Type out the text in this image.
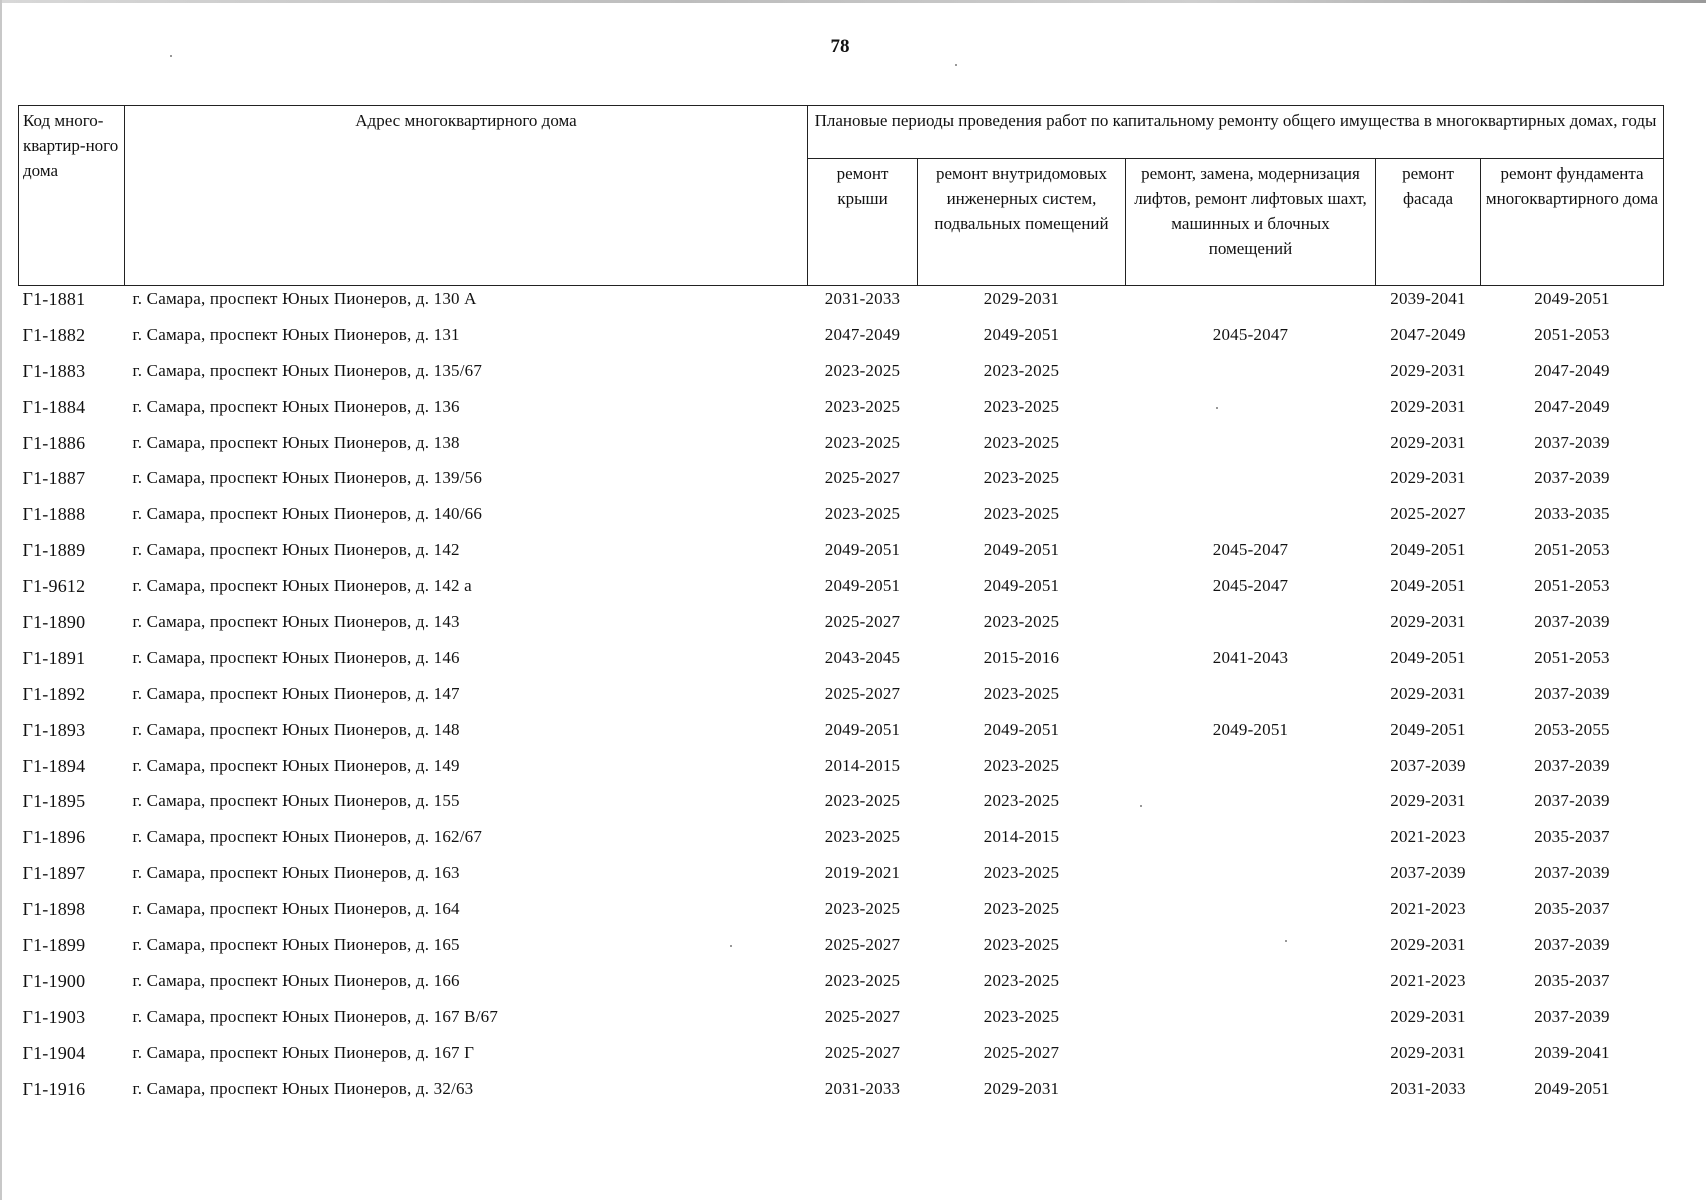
78
Код много-квартир-ного дома	Адрес многоквартирного дома	Плановые периоды проведения работ по капитальному ремонту общего имущества в многоквартирных домах, годы				
		ремонт крыши	ремонт внутридомовых инженерных систем, подвальных помещений	ремонт, замена, модернизация лифтов, ремонт лифтовых шахт, машинных и блочных помещений	ремонт фасада	ремонт фундамента многоквартирного дома
Г1-1881	г. Самара, проспект Юных Пионеров, д. 130 А	2031-2033	2029-2031		2039-2041	2049-2051
Г1-1882	г. Самара, проспект Юных Пионеров, д. 131	2047-2049	2049-2051	2045-2047	2047-2049	2051-2053
Г1-1883	г. Самара, проспект Юных Пионеров, д. 135/67	2023-2025	2023-2025		2029-2031	2047-2049
Г1-1884	г. Самара, проспект Юных Пионеров, д. 136	2023-2025	2023-2025		2029-2031	2047-2049
Г1-1886	г. Самара, проспект Юных Пионеров, д. 138	2023-2025	2023-2025		2029-2031	2037-2039
Г1-1887	г. Самара, проспект Юных Пионеров, д. 139/56	2025-2027	2023-2025		2029-2031	2037-2039
Г1-1888	г. Самара, проспект Юных Пионеров, д. 140/66	2023-2025	2023-2025		2025-2027	2033-2035
Г1-1889	г. Самара, проспект Юных Пионеров, д. 142	2049-2051	2049-2051	2045-2047	2049-2051	2051-2053
Г1-9612	г. Самара, проспект Юных Пионеров, д. 142 а	2049-2051	2049-2051	2045-2047	2049-2051	2051-2053
Г1-1890	г. Самара, проспект Юных Пионеров, д. 143	2025-2027	2023-2025		2029-2031	2037-2039
Г1-1891	г. Самара, проспект Юных Пионеров, д. 146	2043-2045	2015-2016	2041-2043	2049-2051	2051-2053
Г1-1892	г. Самара, проспект Юных Пионеров, д. 147	2025-2027	2023-2025		2029-2031	2037-2039
Г1-1893	г. Самара, проспект Юных Пионеров, д. 148	2049-2051	2049-2051	2049-2051	2049-2051	2053-2055
Г1-1894	г. Самара, проспект Юных Пионеров, д. 149	2014-2015	2023-2025		2037-2039	2037-2039
Г1-1895	г. Самара, проспект Юных Пионеров, д. 155	2023-2025	2023-2025		2029-2031	2037-2039
Г1-1896	г. Самара, проспект Юных Пионеров, д. 162/67	2023-2025	2014-2015		2021-2023	2035-2037
Г1-1897	г. Самара, проспект Юных Пионеров, д. 163	2019-2021	2023-2025		2037-2039	2037-2039
Г1-1898	г. Самара, проспект Юных Пионеров, д. 164	2023-2025	2023-2025		2021-2023	2035-2037
Г1-1899	г. Самара, проспект Юных Пионеров, д. 165	2025-2027	2023-2025		2029-2031	2037-2039
Г1-1900	г. Самара, проспект Юных Пионеров, д. 166	2023-2025	2023-2025		2021-2023	2035-2037
Г1-1903	г. Самара, проспект Юных Пионеров, д. 167 В/67	2025-2027	2023-2025		2029-2031	2037-2039
Г1-1904	г. Самара, проспект Юных Пионеров, д. 167 Г	2025-2027	2025-2027		2029-2031	2039-2041
Г1-1916	г. Самара, проспект Юных Пионеров, д. 32/63	2031-2033	2029-2031		2031-2033	2049-2051
